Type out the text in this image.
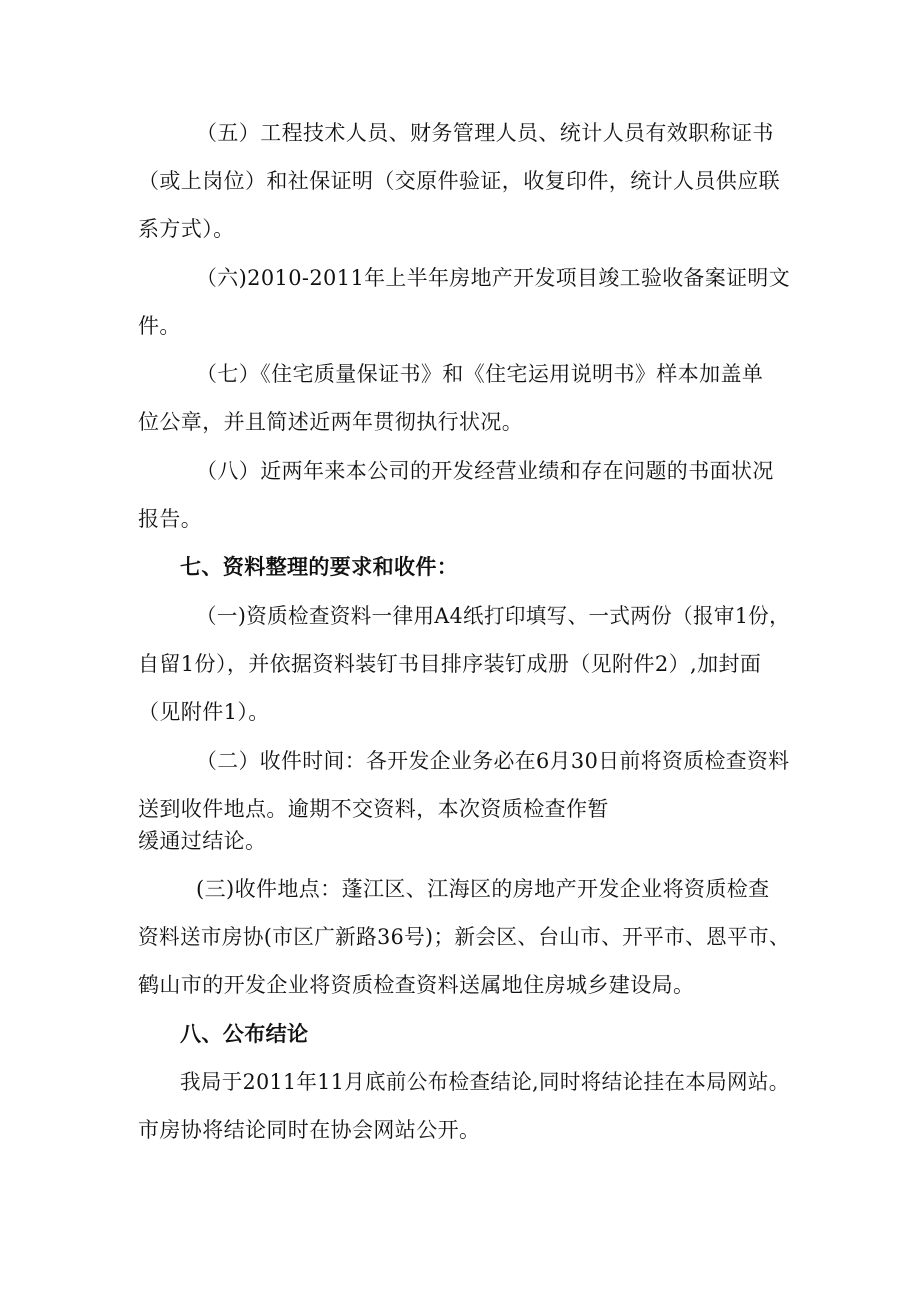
（五）工程技术人员、财务管理人员、统计人员有效职称证书
（或上岗位）和社保证明（交原件验证，收复印件，统计人员供应联
系方式）。
（六)2010-2011年上半年房地产开发项目竣工验收备案证明文
件。
（七）《住宅质量保证书》和《住宅运用说明书》样本加盖单
位公章，并且简述近两年贯彻执行状况。
（八）近两年来本公司的开发经营业绩和存在问题的书面状况
报告。
七、资料整理的要求和收件：
（一)资质检查资料一律用A4纸打印填写、一式两份（报审1份，
自留1份），并依据资料装钉书目排序装钉成册（见附件2）,加封面
（见附件1）。
（二）收件时间：各开发企业务必在6月30日前将资质检查资料
送到收件地点。逾期不交资料，本次资质检查作暂
缓通过结论。
(三)收件地点：蓬江区、江海区的房地产开发企业将资质检查
资料送市房协(市区广新路36号)；新会区、台山市、开平市、恩平市、
鹤山市的开发企业将资质检查资料送属地住房城乡建设局。
八、公布结论
我局于2011年11月底前公布检查结论,同时将结论挂在本局网站。
市房协将结论同时在协会网站公开。
